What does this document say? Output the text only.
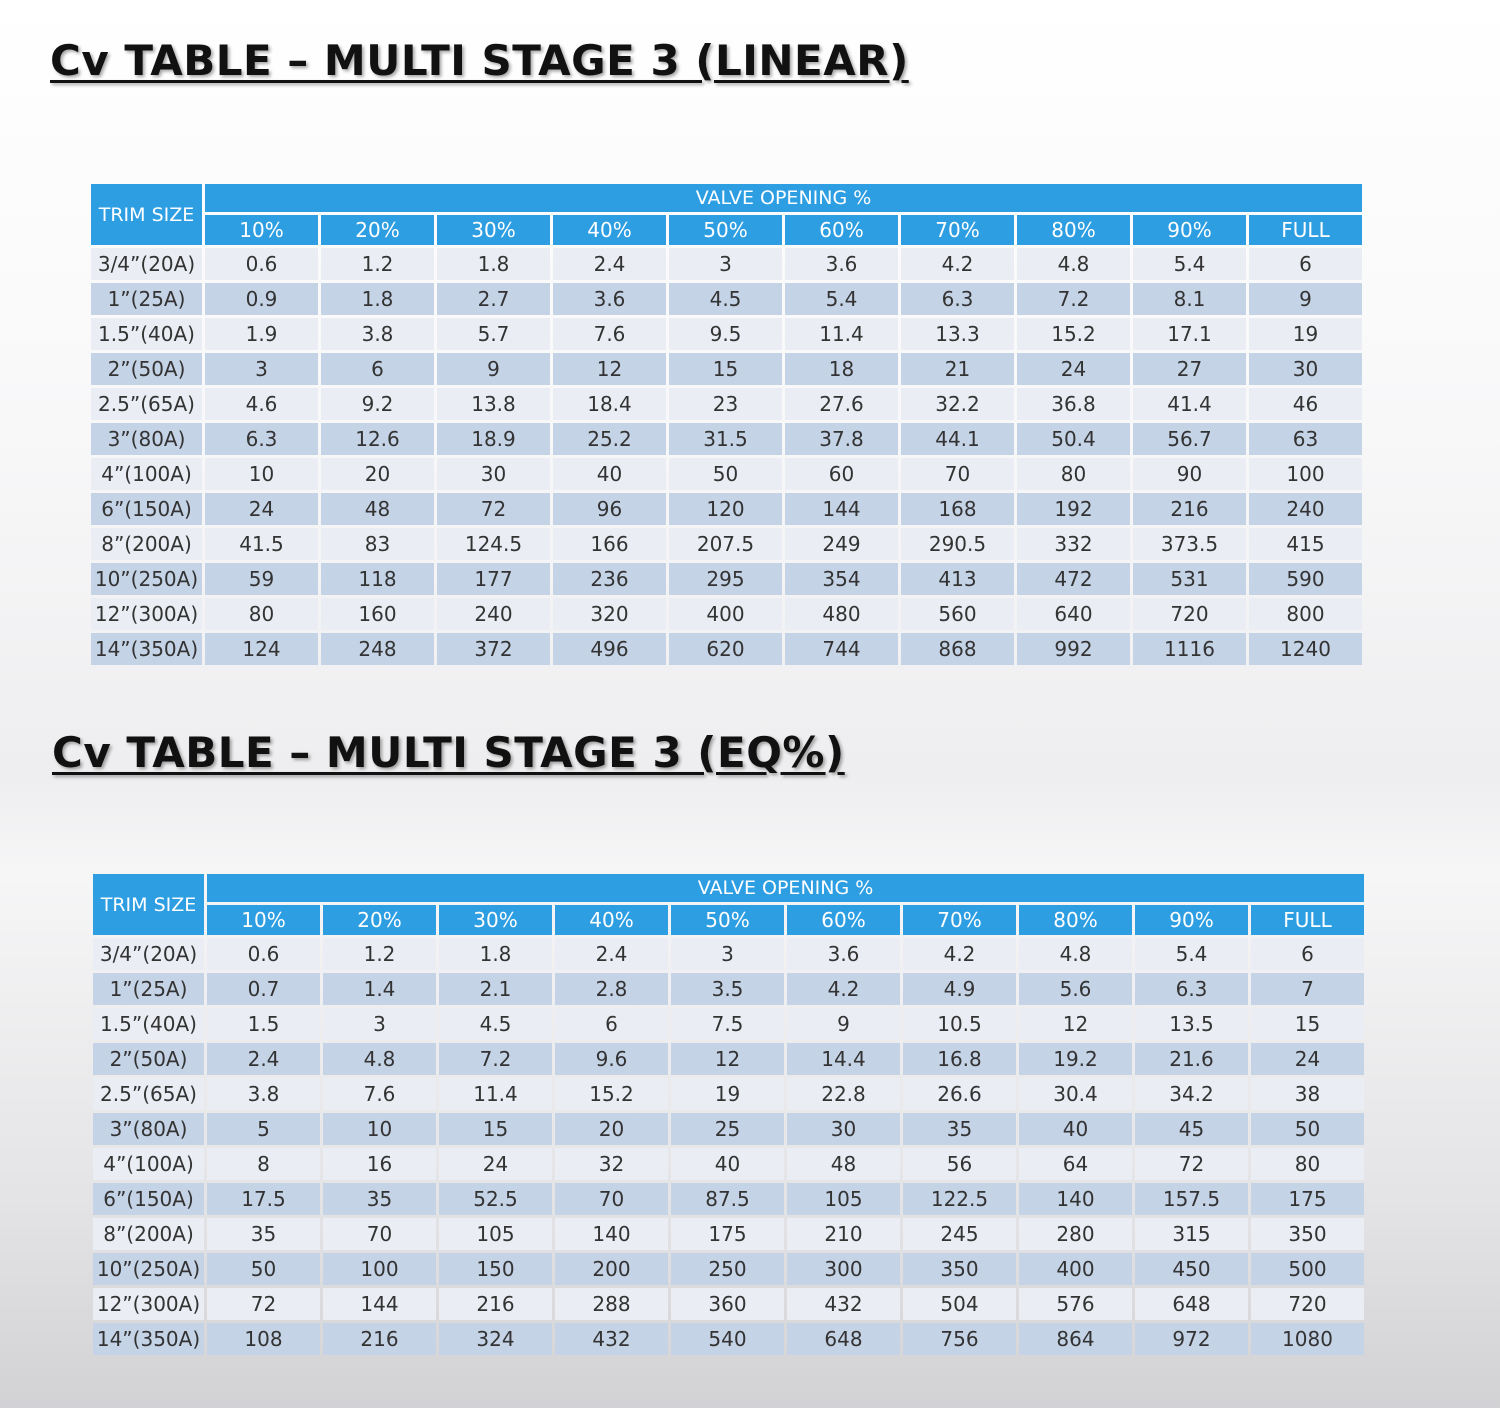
Cv TABLE – MULTI STAGE 3 (LINEAR)
TRIM SIZE	VALVE OPENING %									
	10%	20%	30%	40%	50%	60%	70%	80%	90%	FULL
3/4”(20A)	0.6	1.2	1.8	2.4	3	3.6	4.2	4.8	5.4	6
1”(25A)	0.9	1.8	2.7	3.6	4.5	5.4	6.3	7.2	8.1	9
1.5”(40A)	1.9	3.8	5.7	7.6	9.5	11.4	13.3	15.2	17.1	19
2”(50A)	3	6	9	12	15	18	21	24	27	30
2.5”(65A)	4.6	9.2	13.8	18.4	23	27.6	32.2	36.8	41.4	46
3”(80A)	6.3	12.6	18.9	25.2	31.5	37.8	44.1	50.4	56.7	63
4”(100A)	10	20	30	40	50	60	70	80	90	100
6”(150A)	24	48	72	96	120	144	168	192	216	240
8”(200A)	41.5	83	124.5	166	207.5	249	290.5	332	373.5	415
10”(250A)	59	118	177	236	295	354	413	472	531	590
12”(300A)	80	160	240	320	400	480	560	640	720	800
14”(350A)	124	248	372	496	620	744	868	992	1116	1240
Cv TABLE – MULTI STAGE 3 (EQ%)
TRIM SIZE	VALVE OPENING %									
	10%	20%	30%	40%	50%	60%	70%	80%	90%	FULL
3/4”(20A)	0.6	1.2	1.8	2.4	3	3.6	4.2	4.8	5.4	6
1”(25A)	0.7	1.4	2.1	2.8	3.5	4.2	4.9	5.6	6.3	7
1.5”(40A)	1.5	3	4.5	6	7.5	9	10.5	12	13.5	15
2”(50A)	2.4	4.8	7.2	9.6	12	14.4	16.8	19.2	21.6	24
2.5”(65A)	3.8	7.6	11.4	15.2	19	22.8	26.6	30.4	34.2	38
3”(80A)	5	10	15	20	25	30	35	40	45	50
4”(100A)	8	16	24	32	40	48	56	64	72	80
6”(150A)	17.5	35	52.5	70	87.5	105	122.5	140	157.5	175
8”(200A)	35	70	105	140	175	210	245	280	315	350
10”(250A)	50	100	150	200	250	300	350	400	450	500
12”(300A)	72	144	216	288	360	432	504	576	648	720
14”(350A)	108	216	324	432	540	648	756	864	972	1080
